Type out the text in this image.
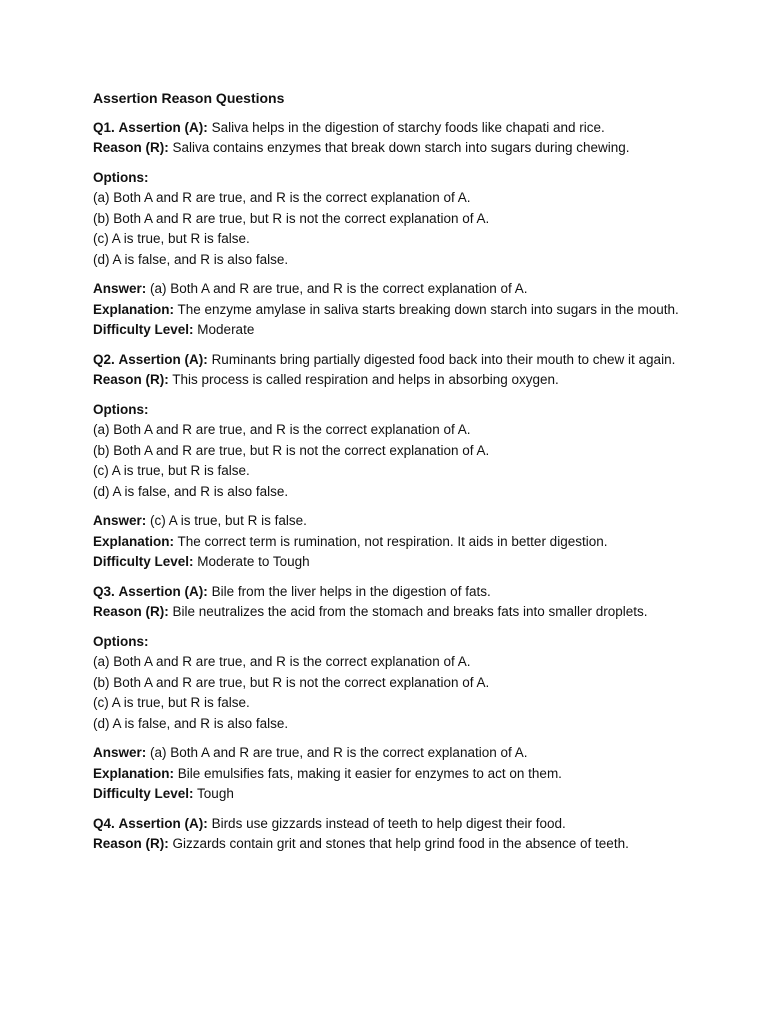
Assertion Reason Questions

Q1. Assertion (A): Saliva helps in the digestion of starchy foods like chapati and rice.

Reason (R): Saliva contains enzymes that break down starch into sugars during chewing.

Options:

(a) Both A and R are true, and R is the correct explanation of A.

(b) Both A and R are true, but R is not the correct explanation of A.

(c) A is true, but R is false.

(d) A is false, and R is also false.

Answer: (a) Both A and R are true, and R is the correct explanation of A.

Explanation: The enzyme amylase in saliva starts breaking down starch into sugars in the mouth.

Difficulty Level: Moderate

Q2. Assertion (A): Ruminants bring partially digested food back into their mouth to chew it again.

Reason (R): This process is called respiration and helps in absorbing oxygen.

Options:

(a) Both A and R are true, and R is the correct explanation of A.

(b) Both A and R are true, but R is not the correct explanation of A.

(c) A is true, but R is false.

(d) A is false, and R is also false.

Answer: (c) A is true, but R is false.

Explanation: The correct term is rumination, not respiration. It aids in better digestion.

Difficulty Level: Moderate to Tough

Q3. Assertion (A): Bile from the liver helps in the digestion of fats.

Reason (R): Bile neutralizes the acid from the stomach and breaks fats into smaller droplets.

Options:

(a) Both A and R are true, and R is the correct explanation of A.

(b) Both A and R are true, but R is not the correct explanation of A.

(c) A is true, but R is false.

(d) A is false, and R is also false.

Answer: (a) Both A and R are true, and R is the correct explanation of A.

Explanation: Bile emulsifies fats, making it easier for enzymes to act on them.

Difficulty Level: Tough

Q4. Assertion (A): Birds use gizzards instead of teeth to help digest their food.

Reason (R): Gizzards contain grit and stones that help grind food in the absence of teeth.
